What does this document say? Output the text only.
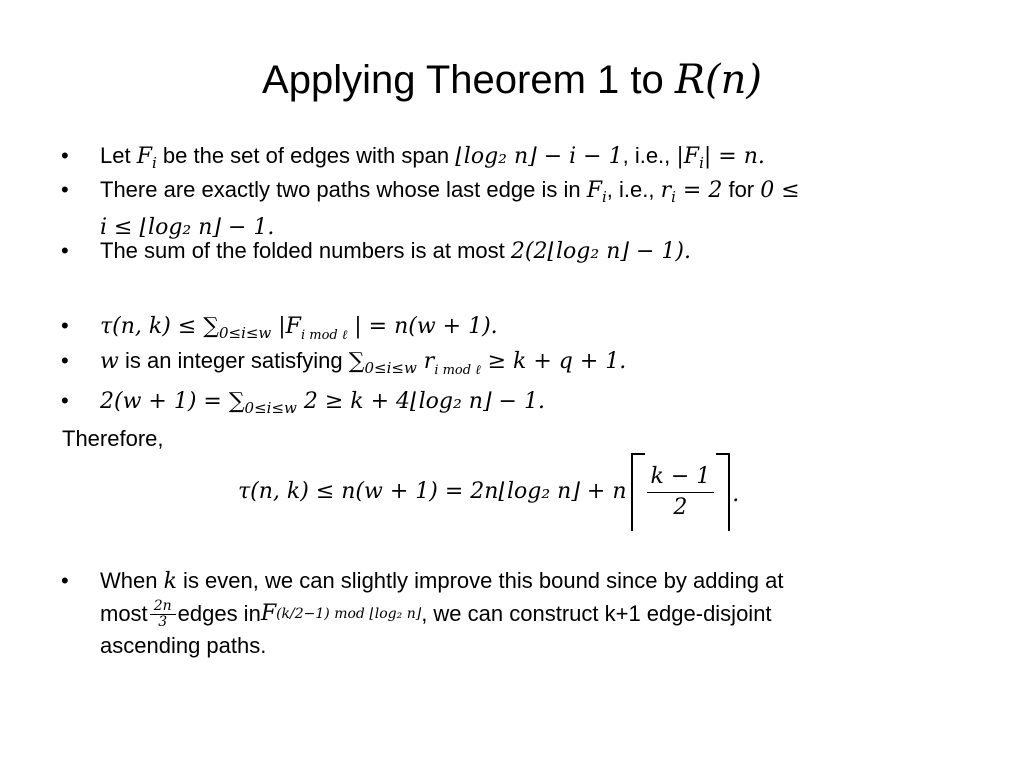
Applying Theorem 1 to R(n)
• Let $F_i$ be the set of edges with span ⌊log₂ n⌋ − i − 1, i.e., $|F_i| = n$.
• There are exactly two paths whose last edge is in $F_i$, i.e., $r_i = 2$ for 0 ≤
i ≤ ⌊log₂ n⌋ − 1.
• The sum of the folded numbers is at most 2(2⌊log₂ n⌋ − 1).
• τ(n, $k) \le \sum_{0\le i\le w}$ $|F_{i mod \ell}$ | = n(w + 1).
• w is an integer satisfying $\sum_{0\le i\le w}$ $r_{i mod \ell} \ge k + q + 1$.
• $2(w + 1) = \sum_{0\le i\le w}$ 2 ≥ k + 4⌊log₂ n⌋ − 1.
Therefore,
τ(n, k) ≤ n(w + 1) = 2n⌊log₂ n⌋ + n $\frac{k - 1}{2}$ .
• When k is even, we can slightly improve this bound since by adding at
most $\frac{2n}{3}$ edges in F (k/2−1) mod ⌊log₂ n⌋ , we can construct k+1 edge-disjoint
ascending paths.
